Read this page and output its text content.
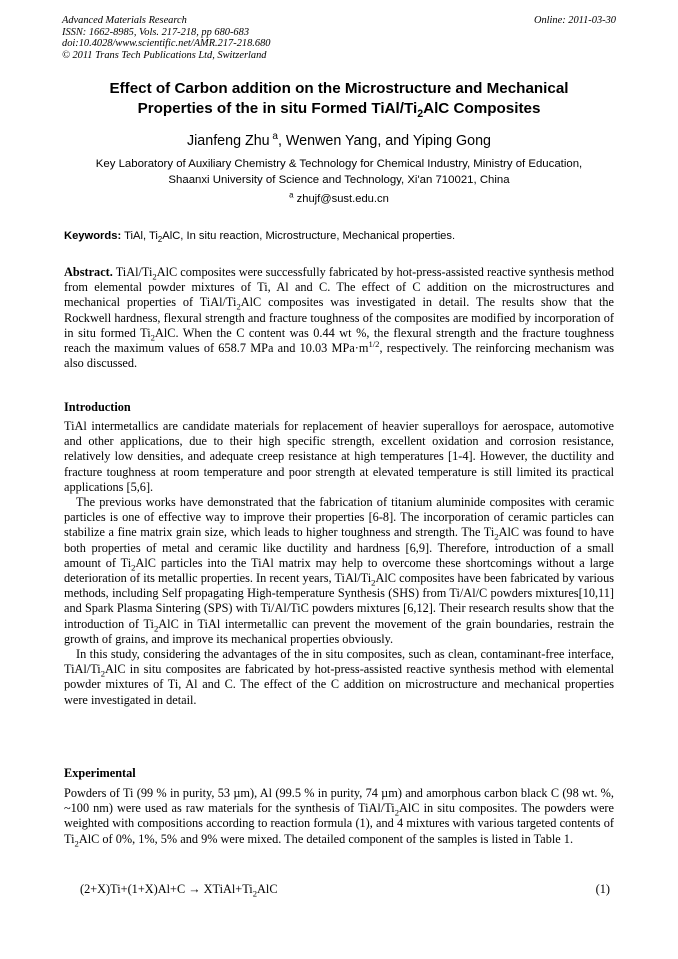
Advanced Materials Research
ISSN: 1662-8985, Vols. 217-218, pp 680-683
doi:10.4028/www.scientific.net/AMR.217-218.680
© 2011 Trans Tech Publications Ltd, Switzerland
Online: 2011-03-30
Effect of Carbon addition on the Microstructure and Mechanical
Properties of the in situ Formed TiAl/$Ti_2AlC$ Composites
Jianfeng Zhu $^a$, Wenwen Yang, and Yiping Gong
Key Laboratory of Auxiliary Chemistry & Technology for Chemical Industry, Ministry of Education,
Shaanxi University of Science and Technology, Xi'an 710021, China
$^a$ zhujf@sust.edu.cn
Keywords: TiAl, $Ti_2AlC$, In situ reaction, Microstructure, Mechanical properties.
Abstract. TiAl/$Ti_2AlC$ composites were successfully fabricated by hot-press-assisted reactive synthesis method from elemental powder mixtures of Ti, Al and C. The effect of C addition on the microstructures and mechanical properties of TiAl/$Ti_2AlC$ composites was investigated in detail. The results show that the Rockwell hardness, flexural strength and fracture toughness of the composites are modified by incorporation of in situ formed $Ti_2AlC$. When the C content was 0.44 wt %, the flexural strength and the fracture toughness reach the maximum values of 658.7 MPa and 10.03 $MPa\cdot m^{1/2}$, respectively. The reinforcing mechanism was also discussed.
Introduction

TiAl intermetallics are candidate materials for replacement of heavier superalloys for aerospace, automotive and other applications, due to their high specific strength, excellent oxidation and corrosion resistance, relatively low densities, and adequate creep resistance at high temperatures [1-4]. However, the ductility and fracture toughness at room temperature and poor strength at elevated temperature is still limited its practical applications [5,6].

The previous works have demonstrated that the fabrication of titanium aluminide composites with ceramic particles is one of effective way to improve their properties [6-8]. The incorporation of ceramic particles can stabilize a fine matrix grain size, which leads to higher toughness and strength. The $Ti_2AlC$ was found to have both properties of metal and ceramic like ductility and hardness [6,9]. Therefore, introduction of a small amount of $Ti_2AlC$ particles into the TiAl matrix may help to overcome these shortcomings without a large deterioration of its metallic properties. In recent years, TiAl/$Ti_2AlC$ composites have been fabricated by various methods, including Self propagating High-temperature Synthesis (SHS) from Ti/Al/C powders mixtures[10,11] and Spark Plasma Sintering (SPS) with Ti/Al/TiC powders mixtures [6,12]. Their research results show that the introduction of $Ti_2AlC$ in TiAl intermetallic can prevent the movement of the grain boundaries, restrain the growth of grains, and improve its mechanical properties obviously.

In this study, considering the advantages of the in situ composites, such as clean, contaminant-free interface, TiAl/$Ti_2AlC$ in situ composites are fabricated by hot-press-assisted reactive synthesis method with elemental powder mixtures of Ti, Al and C. The effect of the C addition on microstructure and mechanical properties were investigated in detail.

Experimental
Powders of Ti (99 % in purity, 53 µm), Al (99.5 % in purity, 74 µm) and amorphous carbon black C (98 wt. %, ~100 nm) were used as raw materials for the synthesis of TiAl/$Ti_2AlC$ in situ composites. The powders were weighted with compositions according to reaction formula (1), and 4 mixtures with various targeted contents of $Ti_2AlC$ of 0%, 1%, 5% and 9% were mixed. The detailed component of the samples is listed in Table 1.
$(2+X)Ti+(1+X)Al+C \to XTiAl+Ti_2AlC$	(1)
